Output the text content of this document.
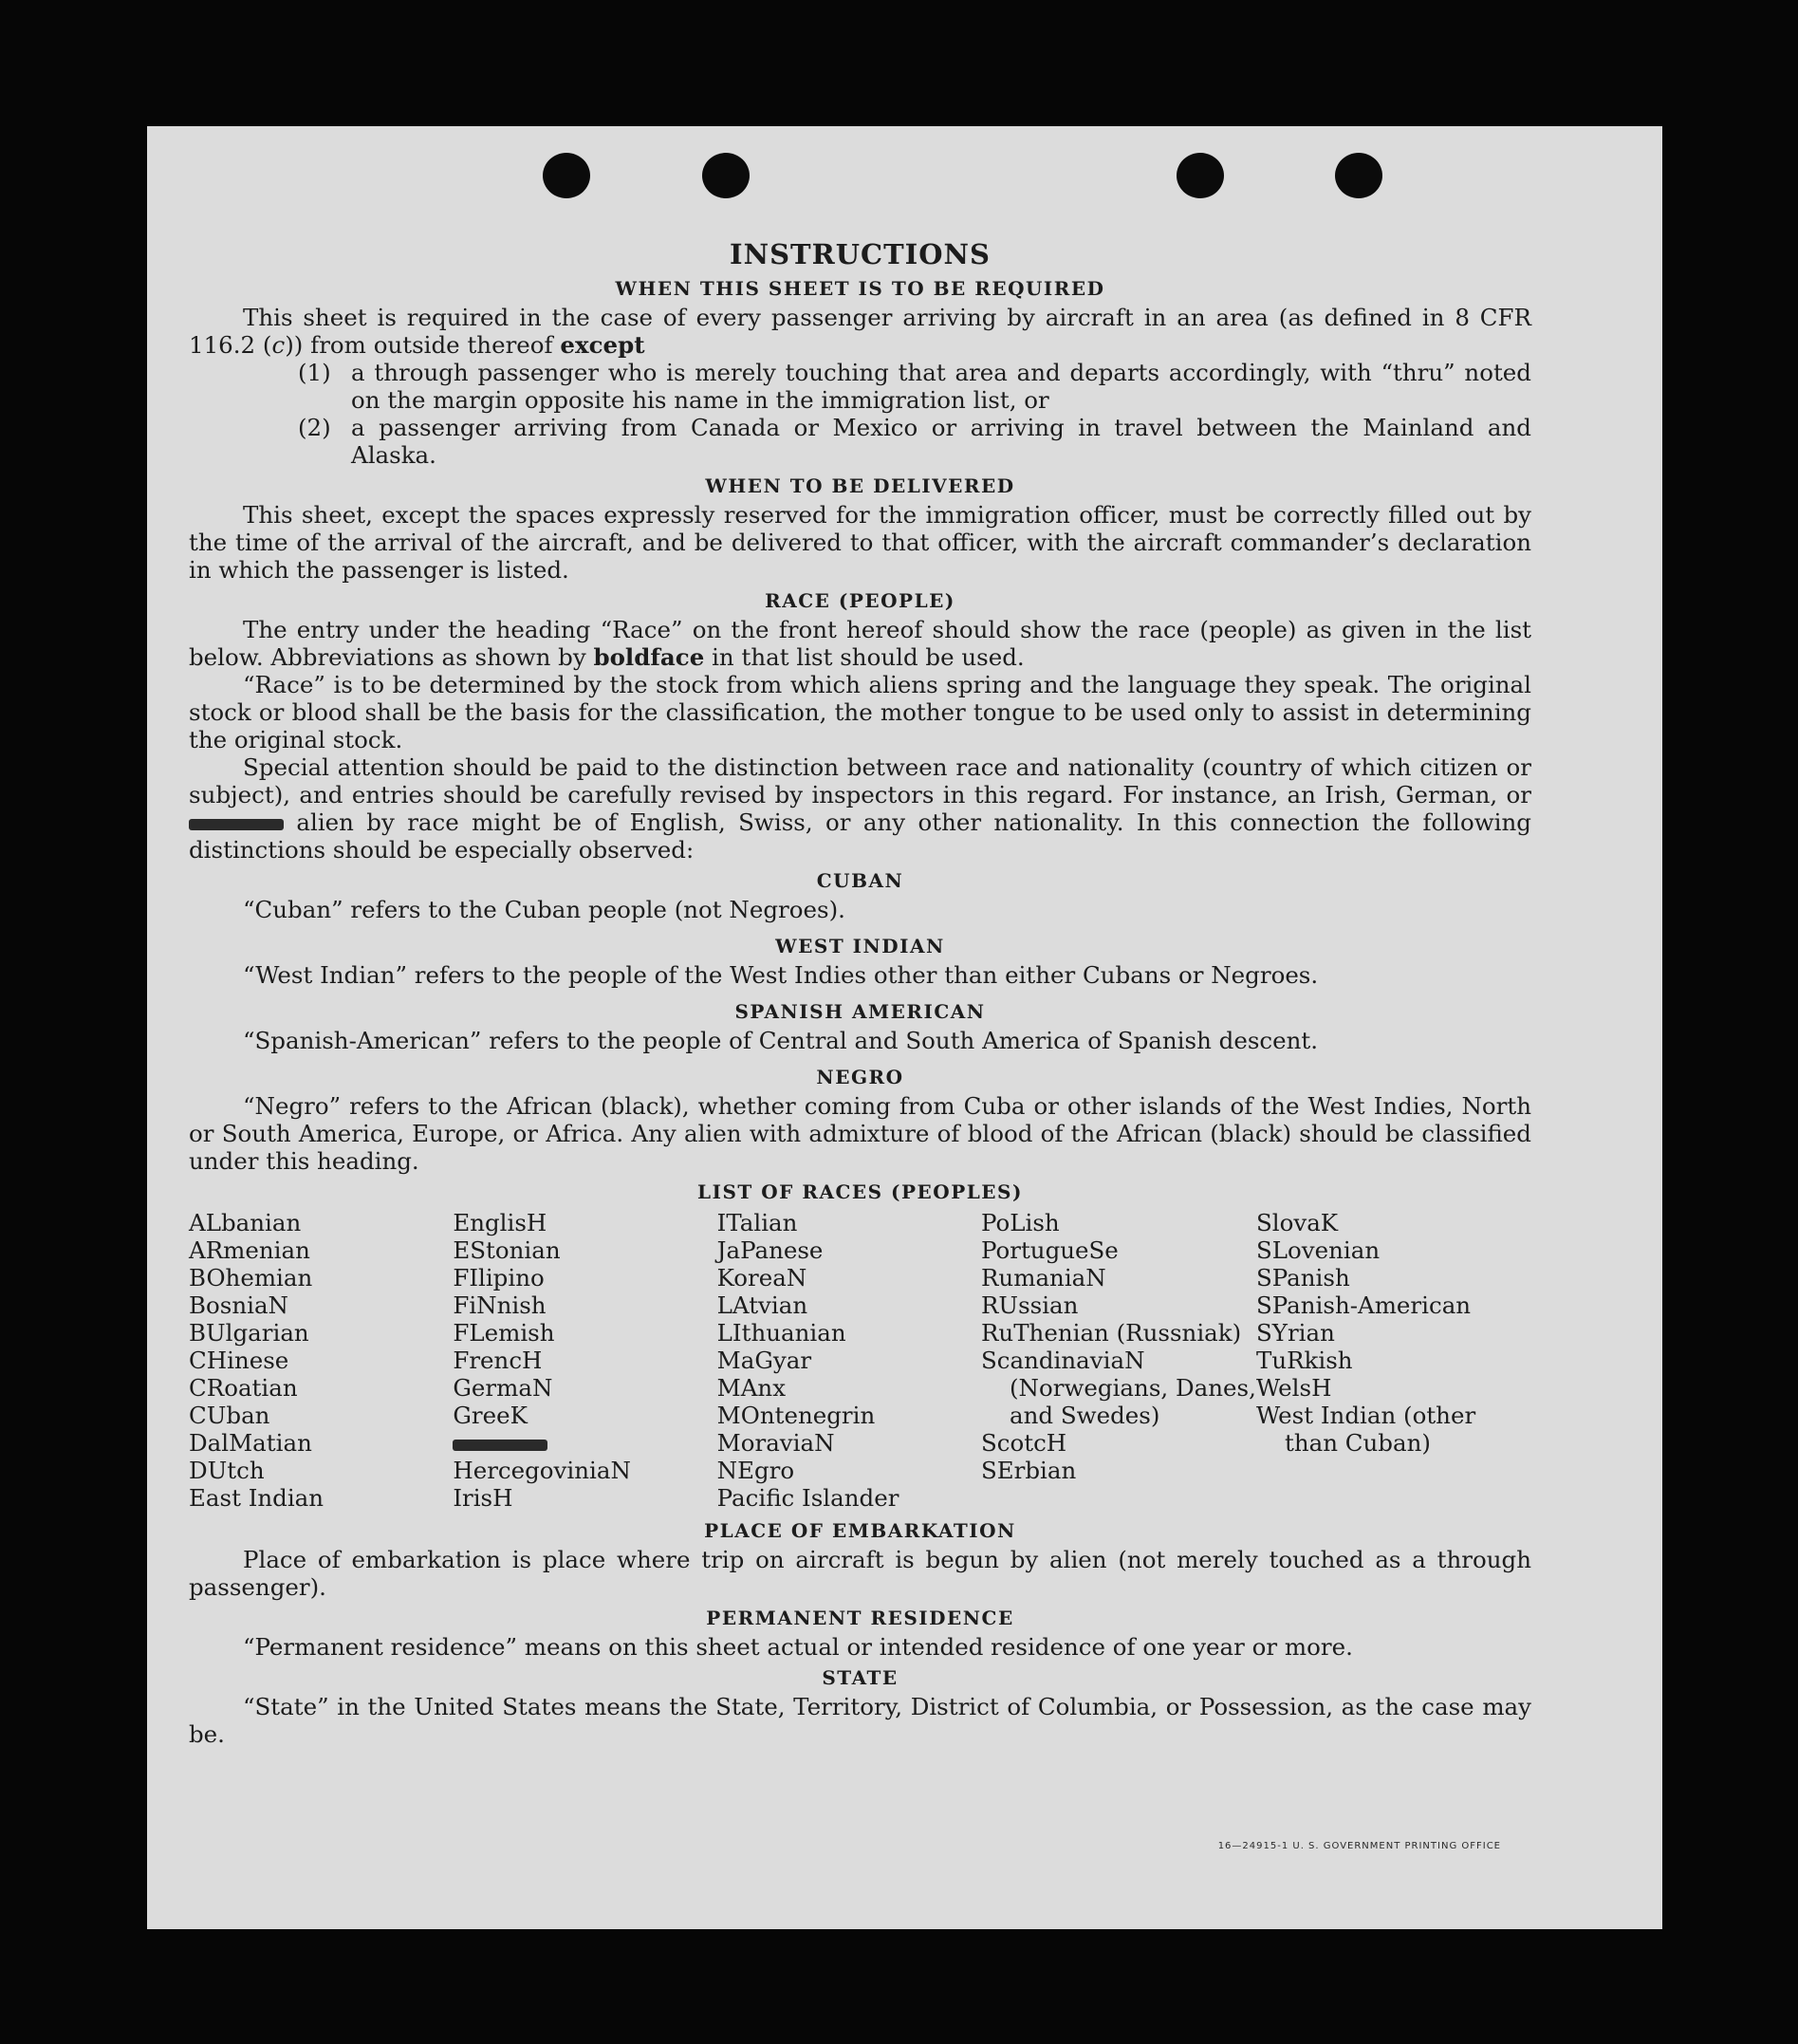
INSTRUCTIONS
WHEN THIS SHEET IS TO BE REQUIRED

This sheet is required in the case of every passenger arriving by aircraft in an area (as defined in 8 CFR 116.2 (c)) from outside thereof except

(1) a through passenger who is merely touching that area and departs accordingly, with “thru” noted on the margin opposite his name in the immigration list, or
(2) a passenger arriving from Canada or Mexico or arriving in travel between the Mainland and Alaska.
WHEN TO BE DELIVERED

This sheet, except the spaces expressly reserved for the immigration officer, must be correctly filled out by the time of the arrival of the aircraft, and be delivered to that officer, with the aircraft commander’s declaration in which the passenger is listed.

RACE (PEOPLE)

The entry under the heading “Race” on the front hereof should show the race (people) as given in the list below. Abbreviations as shown by boldface in that list should be used.

“Race” is to be determined by the stock from which aliens spring and the language they speak. The original stock or blood shall be the basis for the classification, the mother tongue to be used only to assist in determining the original stock.

Special attention should be paid to the distinction between race and nationality (country of which citizen or subject), and entries should be carefully revised by inspectors in this regard. For instance, an Irish, German, or  alien by race might be of English, Swiss, or any other nationality. In this connection the following distinctions should be especially observed:

CUBAN

“Cuban” refers to the Cuban people (not Negroes).

WEST INDIAN

“West Indian” refers to the people of the West Indies other than either Cubans or Negroes.

SPANISH AMERICAN

“Spanish-American” refers to the people of Central and South America of Spanish descent.

NEGRO

“Negro” refers to the African (black), whether coming from Cuba or other islands of the West Indies, North or South America, Europe, or Africa. Any alien with admixture of blood of the African (black) should be classified under this heading.

LIST OF RACES (PEOPLES)
ALbanian
ARmenian
BOhemian
BosniaN
BUlgarian
CHinese
CRoatian
CUban
DalMatian
DUtch
East Indian
EnglisH
EStonian
FIlipino
FiNnish
FLemish
FrencH
GermaN
GreeK
HercegoviniaN
IrisH
ITalian
JaPanese
KoreaN
LAtvian
LIthuanian
MaGyar
MAnx
MOntenegrin
MoraviaN
NEgro
Pacific Islander
PoLish
PortugueSe
RumaniaN
RUssian
RuThenian (Russniak)
ScandinaviaN (Norwegians, Danes, and Swedes)
ScotcH
SErbian
SlovaK
SLovenian
SPanish
SPanish-American
SYrian
TuRkish
WelsH
West Indian (other than Cuban)
PLACE OF EMBARKATION

Place of embarkation is place where trip on aircraft is begun by alien (not merely touched as a through passenger).

PERMANENT RESIDENCE

“Permanent residence” means on this sheet actual or intended residence of one year or more.

STATE

“State” in the United States means the State, Territory, District of Columbia, or Possession, as the case may be.

16—24915-1 U. S. GOVERNMENT PRINTING OFFICE
